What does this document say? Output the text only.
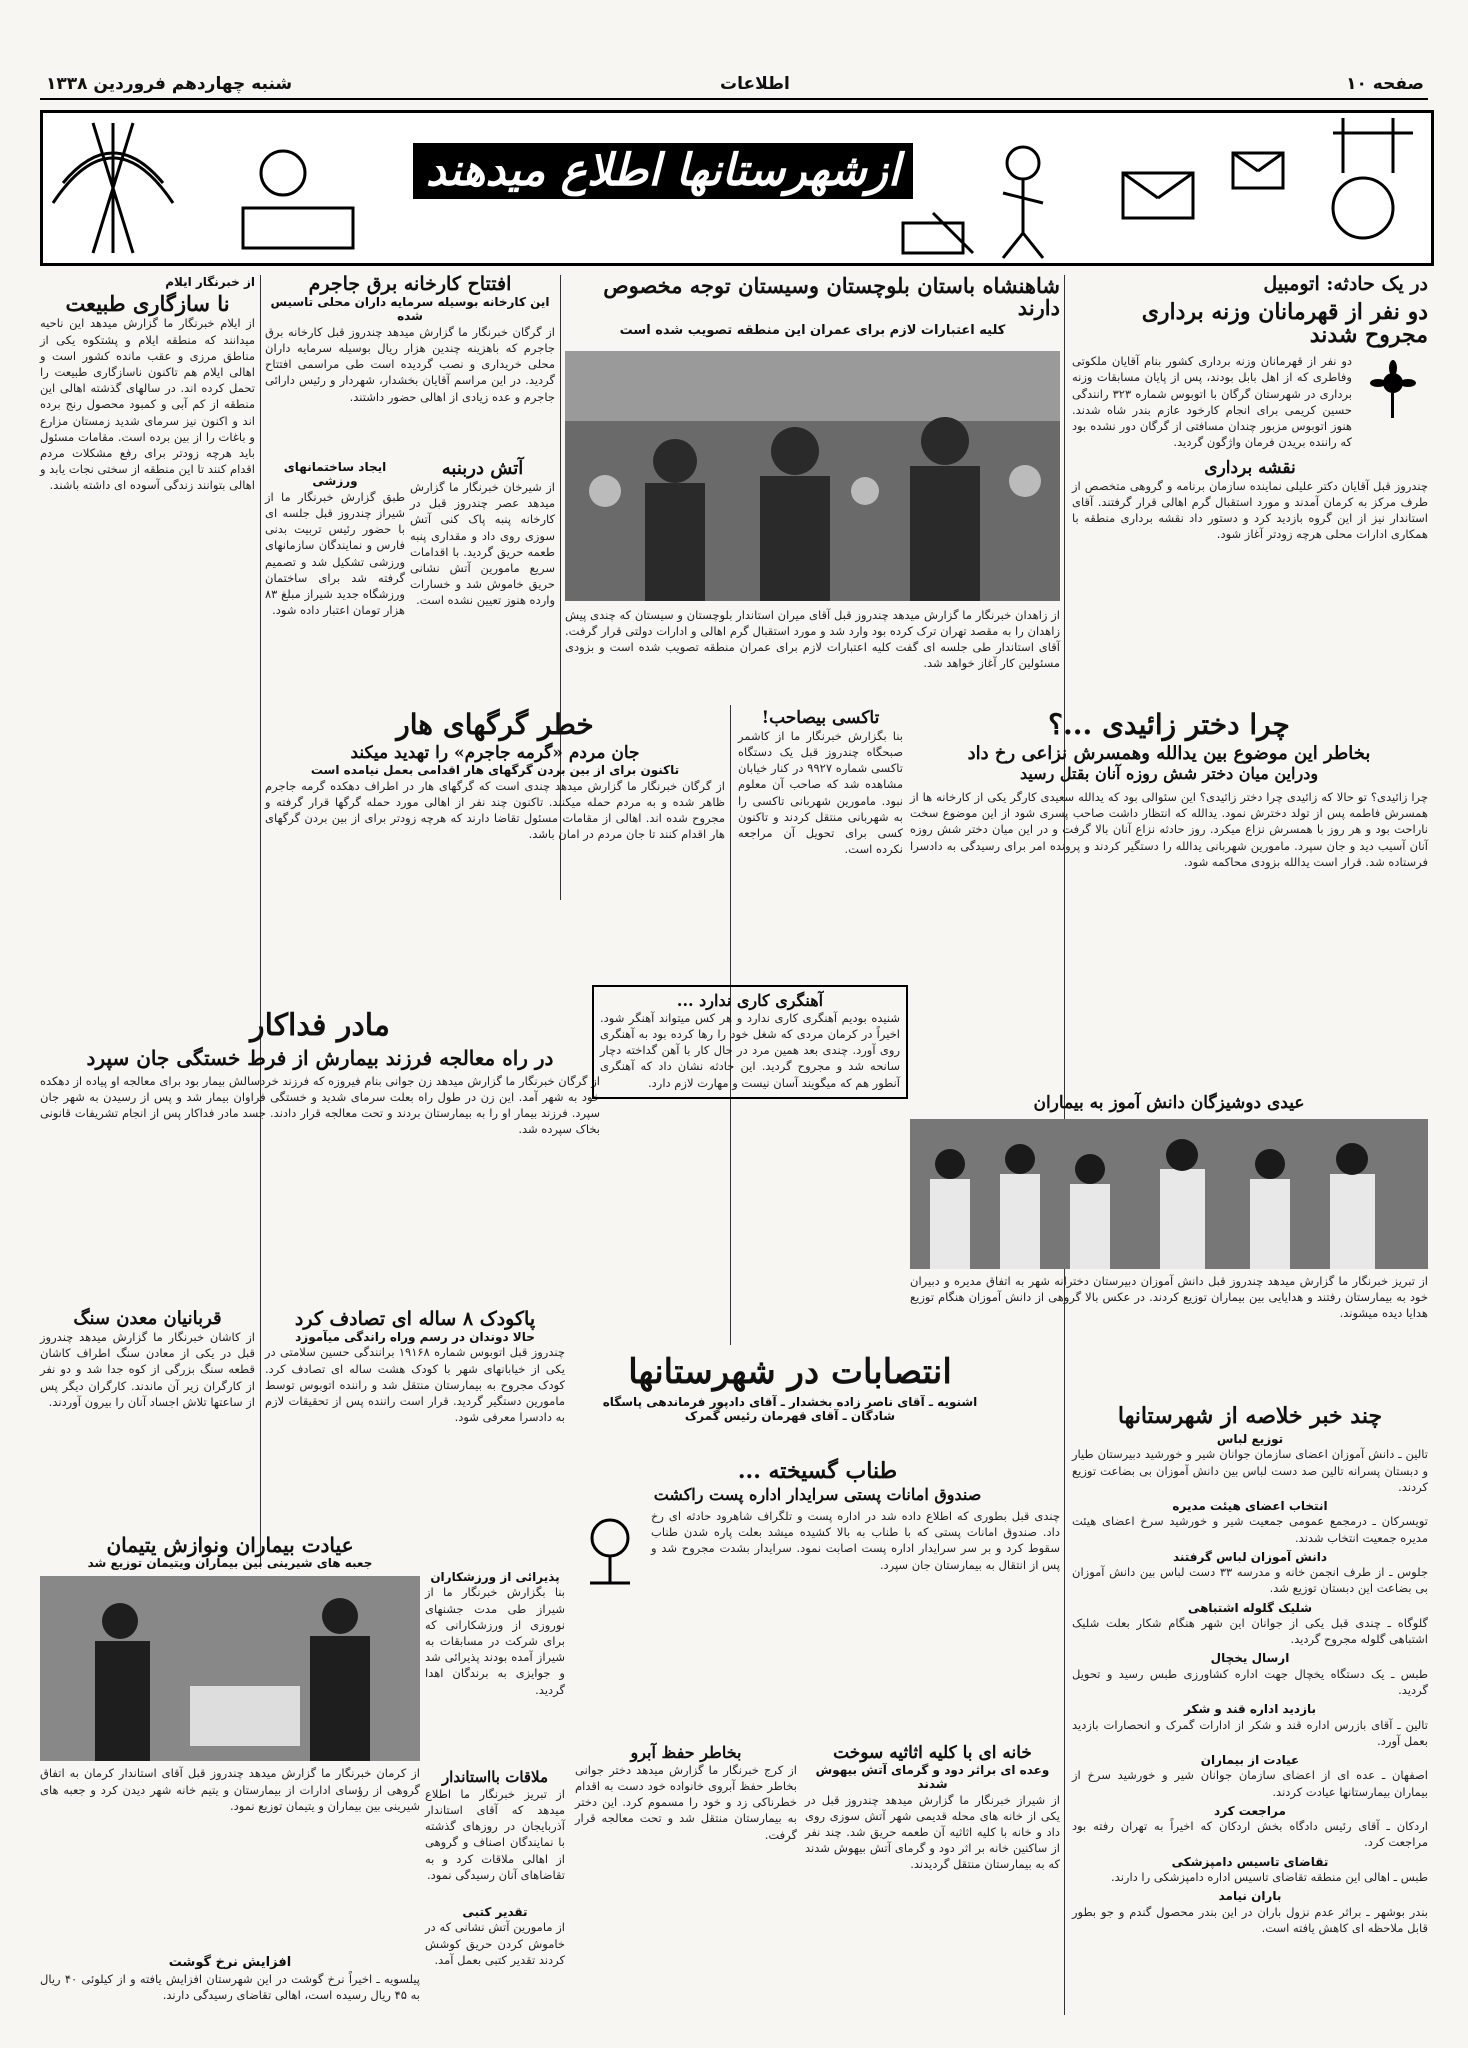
صفحه ۱۰
اطلاعات
شنبه چهاردهم فروردین ۱۳۳۸
ازشهرستانها اطلاع میدهند
در یک حادثه: اتومبیل
دو نفر از قهرمانان وزنه برداری مجروح شدند
دو نفر از قهرمانان وزنه برداری کشور بنام آقایان ملکوتی وفاطری که از اهل بابل بودند، پس از پایان مسابقات وزنه برداری در شهرستان گرگان با اتوبوس شماره ۳۲۳ رانندگی حسین کریمی برای انجام کارخود عازم بندر شاه شدند. هنوز اتوبوس مزبور چندان مسافتی از گرگان دور نشده بود که راننده بریدن فرمان واژگون گردید.
نقشه برداری
چندروز قبل آقایان دکتر علیلی نماینده سازمان برنامه و گروهی متخصص از طرف مرکز به کرمان آمدند و مورد استقبال گرم اهالی قرار گرفتند. آقای استاندار نیز از این گروه بازدید کرد و دستور داد نقشه برداری منطقه با همکاری ادارات محلی هرچه زودتر آغاز شود.
شاهنشاه باستان بلوچستان وسیستان توجه مخصوص دارند
کلیه اعتبارات لازم برای عمران این منطقه تصویب شده است
از زاهدان خبرنگار ما گزارش میدهد چندروز قبل آقای میران استاندار بلوچستان و سیستان که چندی پیش زاهدان را به مقصد تهران ترک کرده بود وارد شد و مورد استقبال گرم اهالی و ادارات دولتی قرار گرفت. آقای استاندار طی جلسه ای گفت کلیه اعتبارات لازم برای عمران منطقه تصویب شده است و بزودی مسئولین کار آغاز خواهد شد.
افتتاح کارخانه برق جاجرم
این کارخانه بوسیله سرمایه داران محلی تاسیس شده
از گرگان خبرنگار ما گزارش میدهد چندروز قبل کارخانه برق جاجرم که باهزینه چندین هزار ریال بوسیله سرمایه داران محلی خریداری و نصب گردیده است طی مراسمی افتتاح گردید. در این مراسم آقایان بخشدار، شهردار و رئیس دارائی جاجرم و عده زیادی از اهالی حضور داشتند.
آتش دربنبه
از شیرخان خبرنگار ما گزارش میدهد عصر چندروز قبل در کارخانه پنبه پاک کنی آتش سوزی روی داد و مقداری پنبه طعمه حریق گردید. با اقدامات سریع مامورین آتش نشانی حریق خاموش شد و خسارات وارده هنوز تعیین نشده است.
ایجاد ساختمانهای ورزشی
طبق گزارش خبرنگار ما از شیراز چندروز قبل جلسه ای با حضور رئیس تربیت بدنی فارس و نمایندگان سازمانهای ورزشی تشکیل شد و تصمیم گرفته شد برای ساختمان ورزشگاه جدید شیراز مبلغ ۸۳ هزار تومان اعتبار داده شود.
از خبرنگار ایلام
نا سازگاری طبیعت
از ایلام خبرنگار ما گزارش میدهد این ناحیه میدانند که منطقه ایلام و پشتکوه یکی از مناطق مرزی و عقب مانده کشور است و اهالی ایلام هم تاکنون ناسازگاری طبیعت را تحمل کرده اند. در سالهای گذشته اهالی این منطقه از کم آبی و کمبود محصول رنج برده اند و اکنون نیز سرمای شدید زمستان مزارع و باغات را از بین برده است. مقامات مسئول باید هرچه زودتر برای رفع مشکلات مردم اقدام کنند تا این منطقه از سختی نجات یابد و اهالی بتوانند زندگی آسوده ای داشته باشند.
تاکسی بیصاحب!
بنا بگزارش خبرنگار ما از کاشمر صبحگاه چندروز قبل یک دستگاه تاکسی شماره ۹۹۲۷ در کنار خیابان مشاهده شد که صاحب آن معلوم نبود. مامورین شهربانی تاکسی را به شهربانی منتقل کردند و تاکنون کسی برای تحویل آن مراجعه نکرده است.
چرا دختر زائیدی ...؟
بخاطر این موضوع بین یدالله وهمسرش نزاعی رخ داد
ودراین میان دختر شش روزه آنان بقتل رسید
چرا زائیدی؟ تو حالا که زائیدی چرا دختر زائیدی؟ این سئوالی بود که یدالله سعیدی کارگر یکی از کارخانه ها از همسرش فاطمه پس از تولد دخترش نمود. یدالله که انتظار داشت صاحب پسری شود از این موضوع سخت ناراحت بود و هر روز با همسرش نزاع میکرد. روز حادثه نزاع آنان بالا گرفت و در این میان دختر شش روزه آنان آسیب دید و جان سپرد. مامورین شهربانی یدالله را دستگیر کردند و پرونده امر برای رسیدگی به دادسرا فرستاده شد. قرار است یدالله بزودی محاکمه شود.
خطر گرگهای هار
جان مردم «گرمه جاجرم» را تهدید میکند
تاکنون برای از بین بردن گرگهای هار اقدامی بعمل نیامده است
از گرگان خبرنگار ما گزارش میدهد چندی است که گرگهای هار در اطراف دهکده گرمه جاجرم ظاهر شده و به مردم حمله میکنند. تاکنون چند نفر از اهالی مورد حمله گرگها قرار گرفته و مجروح شده اند. اهالی از مقامات مسئول تقاضا دارند که هرچه زودتر برای از بین بردن گرگهای هار اقدام کنند تا جان مردم در امان باشد.
مادر فداکار
در راه معالجه فرزند بیمارش از فرط خستگی جان سپرد
از گرگان خبرنگار ما گزارش میدهد زن جوانی بنام فیروزه که فرزند خردسالش بیمار بود برای معالجه او پیاده از دهکده خود به شهر آمد. این زن در طول راه بعلت سرمای شدید و خستگی فراوان بیمار شد و پس از رسیدن به شهر جان سپرد. فرزند بیمار او را به بیمارستان بردند و تحت معالجه قرار دادند. جسد مادر فداکار پس از انجام تشریفات قانونی بخاک سپرده شد.
آهنگری کاری ندارد ...
شنیده بودیم آهنگری کاری ندارد و هر کس میتواند آهنگر شود. اخیراً در کرمان مردی که شغل خود را رها کرده بود به آهنگری روی آورد. چندی بعد همین مرد در حال کار با آهن گداخته دچار سانحه شد و مجروح گردید. این حادثه نشان داد که آهنگری آنطور هم که میگویند آسان نیست و مهارت لازم دارد.
عیدی دوشیزگان دانش آموز به بیماران
از تبریز خبرنگار ما گزارش میدهد چندروز قبل دانش آموزان دبیرستان دخترانه شهر به اتفاق مدیره و دبیران خود به بیمارستان رفتند و هدایایی بین بیماران توزیع کردند. در عکس بالا گروهی از دانش آموزان هنگام توزیع هدایا دیده میشوند.
انتصابات در شهرستانها
اشنویه ـ آقای ناصر زاده بخشدار ـ آقای دادپور فرماندهی پاسگاه
شادگان ـ آقای قهرمان رئیس گمرک
قربانیان معدن سنگ
از کاشان خبرنگار ما گزارش میدهد چندروز قبل در یکی از معادن سنگ اطراف کاشان قطعه سنگ بزرگی از کوه جدا شد و دو نفر از کارگران زیر آن ماندند. کارگران دیگر پس از ساعتها تلاش اجساد آنان را بیرون آوردند.
پاکودک ۸ ساله ای تصادف کرد
حالا دوندان در رسم وراه راندگی میآموزد
چندروز قبل اتوبوس شماره ۱۹۱۶۸ برانندگی حسین سلامتی در یکی از خیابانهای شهر با کودک هشت ساله ای تصادف کرد. کودک مجروح به بیمارستان منتقل شد و راننده اتوبوس توسط مامورین دستگیر گردید. قرار است راننده پس از تحقیقات لازم به دادسرا معرفی شود.
عیادت بیماران ونوازش یتیمان
جعبه های شیرینی بین بیماران ویتیمان توزیع شد
از کرمان خبرنگار ما گزارش میدهد چندروز قبل آقای استاندار کرمان به اتفاق گروهی از رؤسای ادارات از بیمارستان و یتیم خانه شهر دیدن کرد و جعبه های شیرینی بین بیماران و یتیمان توزیع نمود.
پذیرائی از ورزشکاران
بنا بگزارش خبرنگار ما از شیراز طی مدت جشنهای نوروزی از ورزشکارانی که برای شرکت در مسابقات به شیراز آمده بودند پذیرائی شد و جوایزی به برندگان اهدا گردید.
ملاقات بااستاندار
از تبریز خبرنگار ما اطلاع میدهد که آقای استاندار آذربایجان در روزهای گذشته با نمایندگان اصناف و گروهی از اهالی ملاقات کرد و به تقاضاهای آنان رسیدگی نمود.
تقدیر کتبی
از مامورین آتش نشانی که در خاموش کردن حریق کوشش کردند تقدیر کتبی بعمل آمد.
افزایش نرخ گوشت
پیلسویه ـ اخیراً نرخ گوشت در این شهرستان افزایش یافته و از کیلوئی ۴۰ ریال به ۴۵ ریال رسیده است، اهالی تقاضای رسیدگی دارند.
طناب گسیخته ...
صندوق امانات پستی سرایدار اداره پست راکشت
چندی قبل بطوری که اطلاع داده شد در اداره پست و تلگراف شاهرود حادثه ای رخ داد. صندوق امانات پستی که با طناب به بالا کشیده میشد بعلت پاره شدن طناب سقوط کرد و بر سر سرایدار اداره پست اصابت نمود. سرایدار بشدت مجروح شد و پس از انتقال به بیمارستان جان سپرد.
خانه ای با کلیه اثاثیه سوخت
وعده ای براثر دود و گرمای آتش بیهوش شدند
از شیراز خبرنگار ما گزارش میدهد چندروز قبل در یکی از خانه های محله قدیمی شهر آتش سوزی روی داد و خانه با کلیه اثاثیه آن طعمه حریق شد. چند نفر از ساکنین خانه بر اثر دود و گرمای آتش بیهوش شدند که به بیمارستان منتقل گردیدند.
بخاطر حفظ آبرو
از کرج خبرنگار ما گزارش میدهد دختر جوانی بخاطر حفظ آبروی خانواده خود دست به اقدام خطرناکی زد و خود را مسموم کرد. این دختر به بیمارستان منتقل شد و تحت معالجه قرار گرفت.
چند خبر خلاصه از شهرستانها
توزیع لباس
تالین ـ دانش آموزان اعضای سازمان جوانان شیر و خورشید دبیرستان طیار و دبستان پسرانه تالین صد دست لباس بین دانش آموزان بی بضاعت توزیع کردند.
انتخاب اعضای هیئت مدیره
تویسرکان ـ درمجمع عمومی جمعیت شیر و خورشید سرخ اعضای هیئت مدیره جمعیت انتخاب شدند.
دانش آموزان لباس گرفتند
جلوس ـ از طرف انجمن خانه و مدرسه ۳۳ دست لباس بین دانش آموزان بی بضاعت این دبستان توزیع شد.
شلیک گلوله اشتباهی
گلوگاه ـ چندی قبل یکی از جوانان این شهر هنگام شکار بعلت شلیک اشتباهی گلوله مجروح گردید.
ارسال یخچال
طبس ـ یک دستگاه یخچال جهت اداره کشاورزی طبس رسید و تحویل گردید.
بازدید اداره قند و شکر
تالین ـ آقای بازرس اداره قند و شکر از ادارات گمرک و انحصارات بازدید بعمل آورد.
عیادت از بیماران
اصفهان ـ عده ای از اعضای سازمان جوانان شیر و خورشید سرخ از بیماران بیمارستانها عیادت کردند.
مراجعت کرد
اردکان ـ آقای رئیس دادگاه بخش اردکان که اخیراً به تهران رفته بود مراجعت کرد.
تقاضای تاسیس دامپزشکی
طبس ـ اهالی این منطقه تقاضای تاسیس اداره دامپزشکی را دارند.
باران نیامد
بندر بوشهر ـ براثر عدم نزول باران در این بندر محصول گندم و جو بطور قابل ملاحظه ای کاهش یافته است.
